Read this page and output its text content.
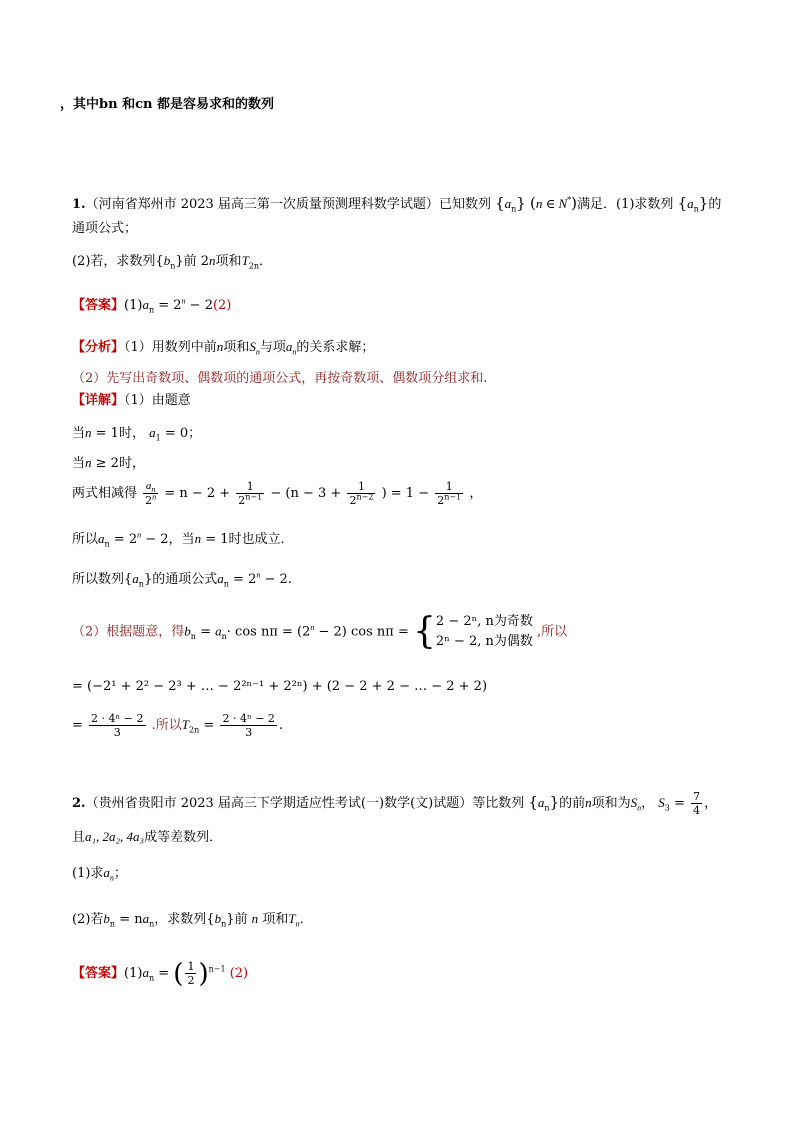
，其中bn 和cn 都是容易求和的数列
1.（河南省郑州市 2023 届高三第一次质量预测理科数学试题）已知数列 $\{a_n\}$ (n ∈ N*)满足．(1)求数列 $\{a_n\}$的
通项公式；
(2)若，求数列$\{b_n\}$前 2n项和$T_{2n}$．
【答案】$(1)a_n = 2^n - 2(2)$
【分析】（1）用数列中前n项和$S_n$与项$a_n$的关系求解；
（2）先写出奇数项、偶数项的通项公式，再按奇数项、偶数项分组求和.
【详解】（1）由题意
当n = 1时， $a_1 = 0$；
当n ≥ 2时，
两式相减得 $\frac{a_n}{2^n} = n - 2 + \frac{1}{2^{n-1}} - (n - 3 + \frac{1}{2^{n-2}}$ ) = $1 - \frac{1}{2^{n-1}}$ ，
所以$a_n = 2^n - 2$，当n = 1时也成立．
所以数列$\{a_n\}$的通项公式$a_n = 2^n - 2$.
（2）根据题意，得$b_n = a_n\cdot \cos n\pi = (2^n - 2)$ cos nπ = { 2 − 2ⁿ, n为奇数
2ⁿ − 2, n为偶数
,所以
= (−2¹ + 2² − 2³ + … − 2²ⁿ⁻¹ + 2²ⁿ) + (2 − 2 + 2 − … − 2 + 2)
= $\frac{\text{2 · 4ⁿ − 2}}{3}$ .所以$T_{2n} = \frac{\text{2 · 4ⁿ − 2}}{3}$ .
2.（贵州省贵阳市 2023 届高三下学期适应性考试(一)数学(文)试题）等比数列 $\{a_n\}$的前n项和为$S_n$， $S_3 = \frac{7}{4}$ ，
且a₁, 2a₂, 4a₃成等差数列．
(1)求$a_n$；
(2)若$b_n = na_n$，求数列$\{b_n\}$前 n 项和$T_n$．
【答案】$(1)a_n$ = ( $\frac{1}{2} )^{n-1}$ (2)
